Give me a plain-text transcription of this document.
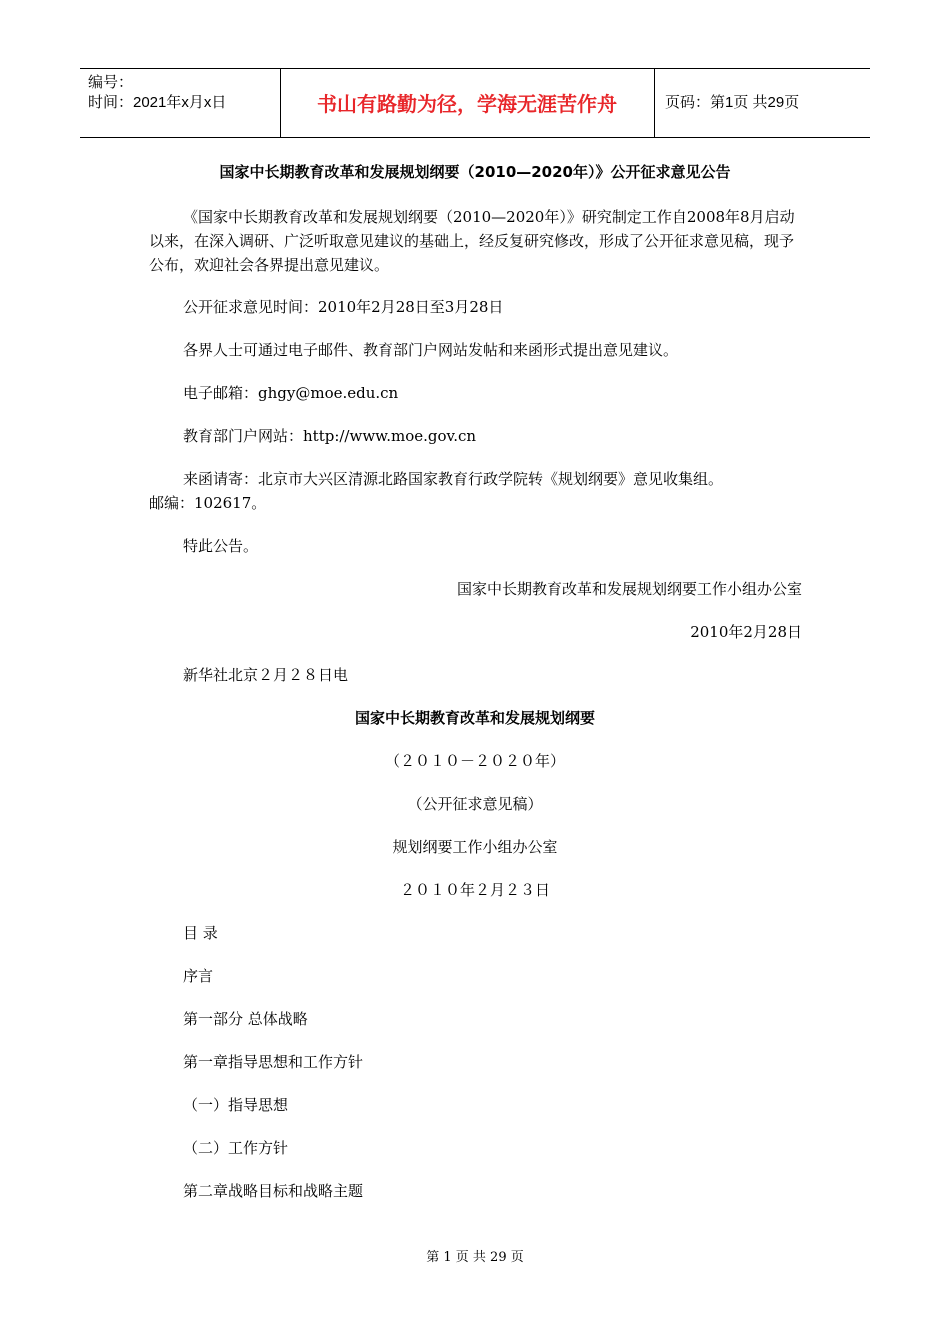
编号：
时间：2021年x月x日	书山有路勤为径，学海无涯苦作舟	页码：第1页 共29页
国家中长期教育改革和发展规划纲要（2010—2020年）》公开征求意见公告
《国家中长期教育改革和发展规划纲要（2010—2020年）》研究制定工作自2008年8月启动以来，在深入调研、广泛听取意见建议的基础上，经反复研究修改，形成了公开征求意见稿，现予公布，欢迎社会各界提出意见建议。
公开征求意见时间：2010年2月28日至3月28日
各界人士可通过电子邮件、教育部门户网站发帖和来函形式提出意见建议。
电子邮箱：ghgy@moe.edu.cn
教育部门户网站：http://www.moe.gov.cn
来函请寄：北京市大兴区清源北路国家教育行政学院转《规划纲要》意见收集组。
邮编：102617。
特此公告。
国家中长期教育改革和发展规划纲要工作小组办公室
2010年2月28日
新华社北京２月２８日电
国家中长期教育改革和发展规划纲要
（２０１０－２０２０年）
（公开征求意见稿）
规划纲要工作小组办公室
２０１０年２月２３日
目 录
序言
第一部分 总体战略
第一章指导思想和工作方针
（一）指导思想
（二）工作方针
第二章战略目标和战略主题
第 1 页 共 29 页
